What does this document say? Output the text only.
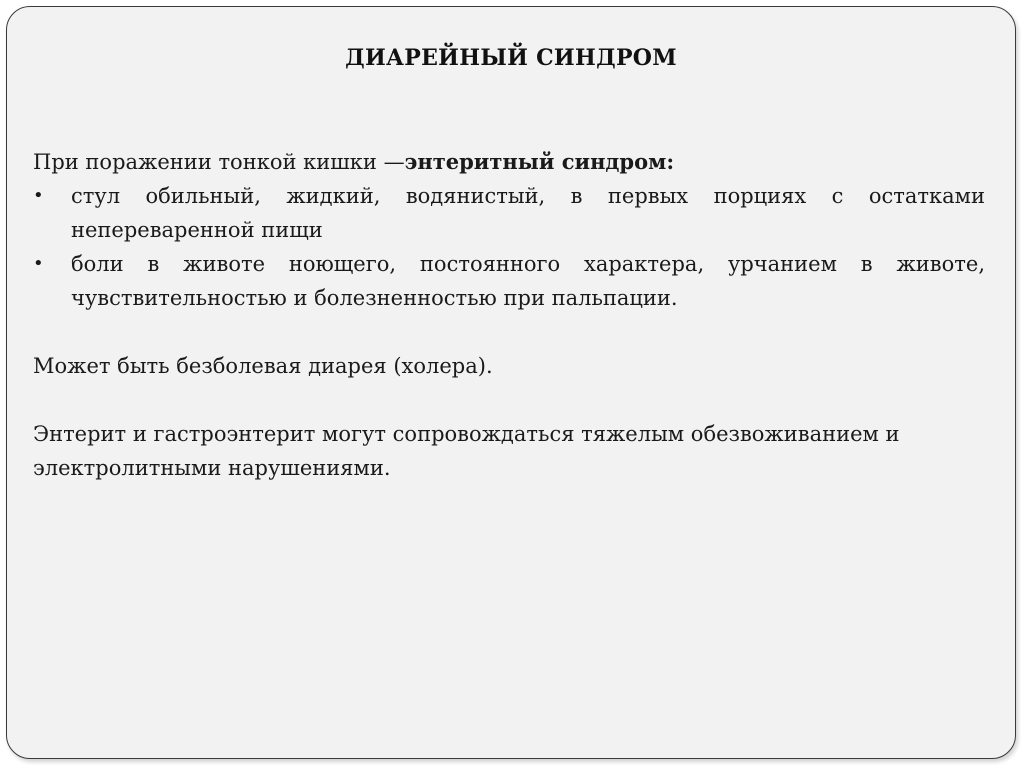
ДИАРЕЙНЫЙ СИНДРОМ

При поражении тонкой кишки —энтеритный синдром:

•	стул обильный, жидкий, водянистый, в первых порциях с остатками непереваренной пищи
•	боли в животе ноющего, постоянного характера, урчанием в животе, чувствительностью и болезненностью при пальпации.

Может быть безболевая диарея (холера).

Энтерит и гастроэнтерит могут сопровождаться тяжелым обезвоживанием и электролитными нарушениями.
